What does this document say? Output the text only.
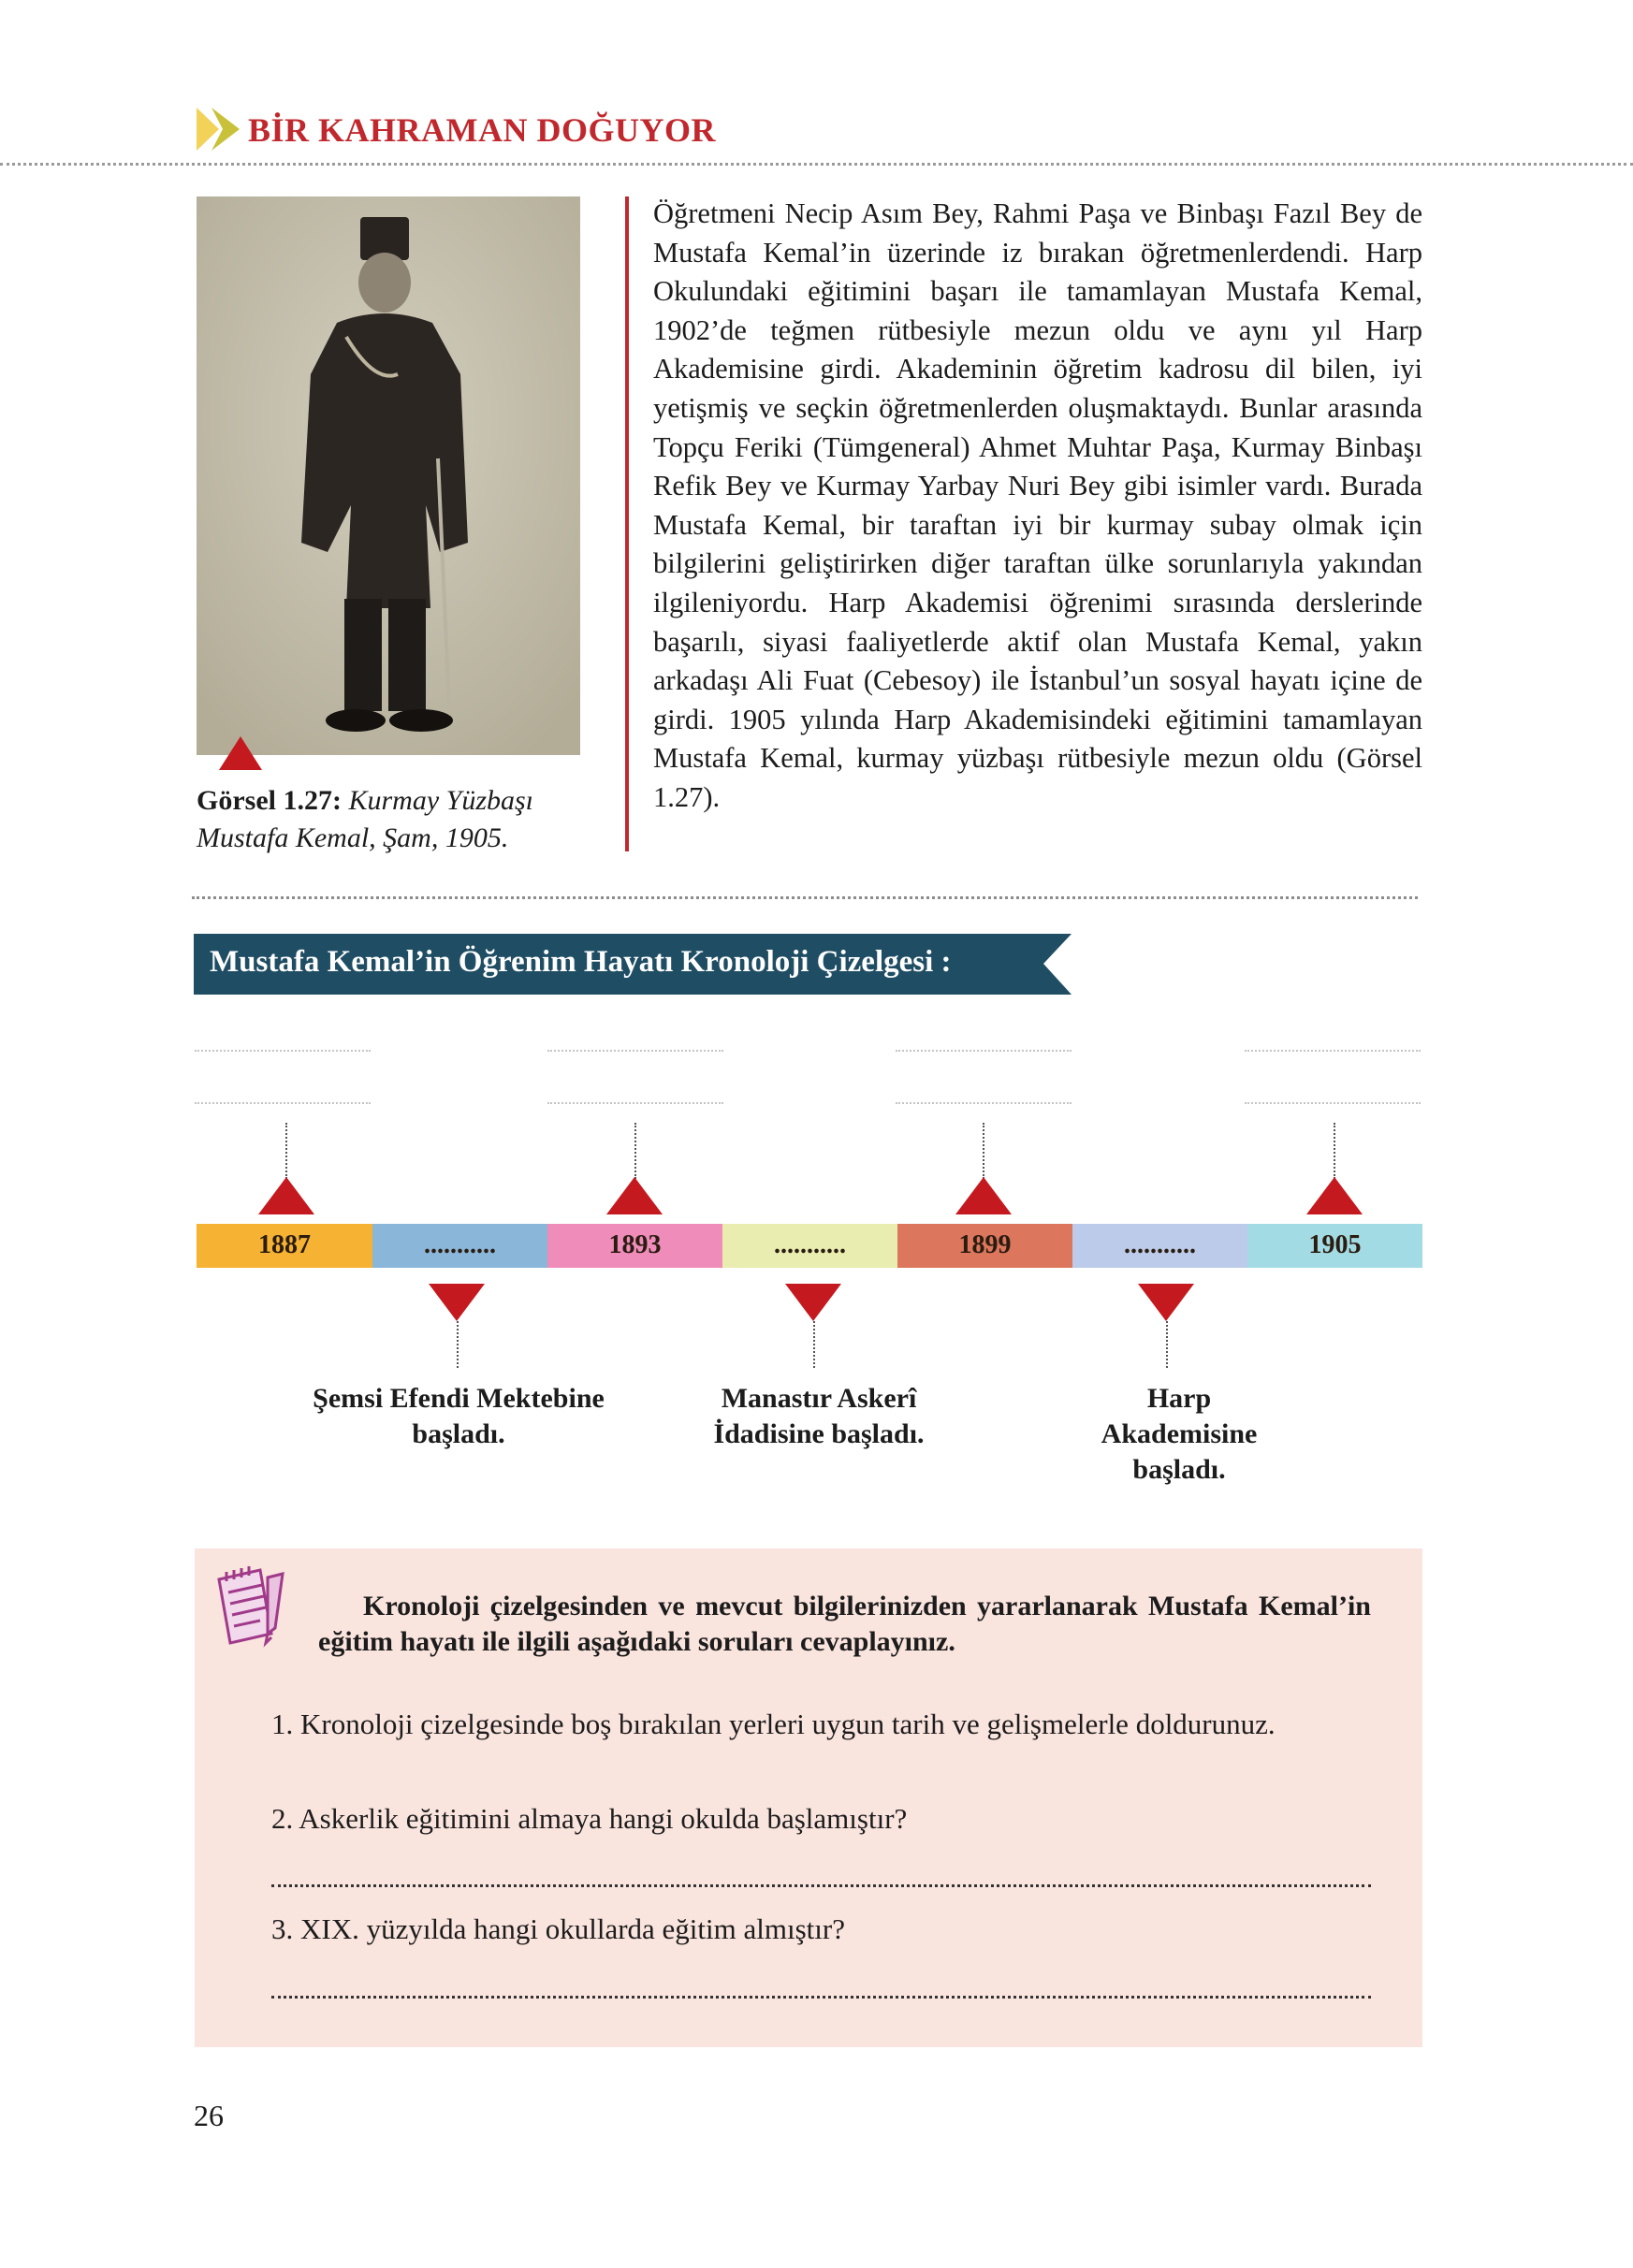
BİR KAHRAMAN DOĞUYOR
Görsel 1.27: Kurmay Yüzbaşı Mustafa Kemal, Şam, 1905.
Öğretmeni Necip Asım Bey, Rahmi Paşa ve Binbaşı Fazıl Bey de Mustafa Kemal’in üzerinde iz bırakan öğretmenlerdendi. Harp Okulundaki eğitimini başarı ile tamamlayan Mustafa Kemal, 1902’de teğmen rütbesiyle mezun oldu ve aynı yıl Harp Akademisine girdi. Akademinin öğretim kadrosu dil bilen, iyi yetişmiş ve seçkin öğretmenlerden oluşmaktaydı. Bunlar arasında Topçu Feriki (Tümgeneral) Ahmet Muhtar Paşa, Kurmay Binbaşı Refik Bey ve Kurmay Yarbay Nuri Bey gibi isimler vardı. Burada Mustafa Kemal, bir taraftan iyi bir kurmay subay olmak için bilgilerini geliştirirken diğer taraftan ülke sorunlarıyla yakından ilgileniyordu. Harp Akademisi öğrenimi sırasında derslerinde başarılı, siyasi faaliyetlerde aktif olan Mustafa Kemal, yakın arkadaşı Ali Fuat (Cebesoy) ile İstanbul’un sosyal hayatı içine de girdi. 1905 yılında Harp Akademisindeki eğitimini tamamlayan Mustafa Kemal, kurmay yüzbaşı rütbesiyle mezun oldu (Görsel 1.27).
Mustafa Kemal’in Öğrenim Hayatı Kronoloji Çizelgesi :
1887	...........	1893	...........	1899	...........	1905
Şemsi Efendi Mektebine başladı.
Manastır Askerî İdadisine başladı.
Harp Akademisine başladı.
Kronoloji çizelgesinden ve mevcut bilgilerinizden yararlanarak Mustafa Kemal’in eğitim hayatı ile ilgili aşağıdaki soruları cevaplayınız.
1. Kronoloji çizelgesinde boş bırakılan yerleri uygun tarih ve gelişmelerle doldurunuz.
2. Askerlik eğitimini almaya hangi okulda başlamıştır?
3. XIX. yüzyılda hangi okullarda eğitim almıştır?
26
